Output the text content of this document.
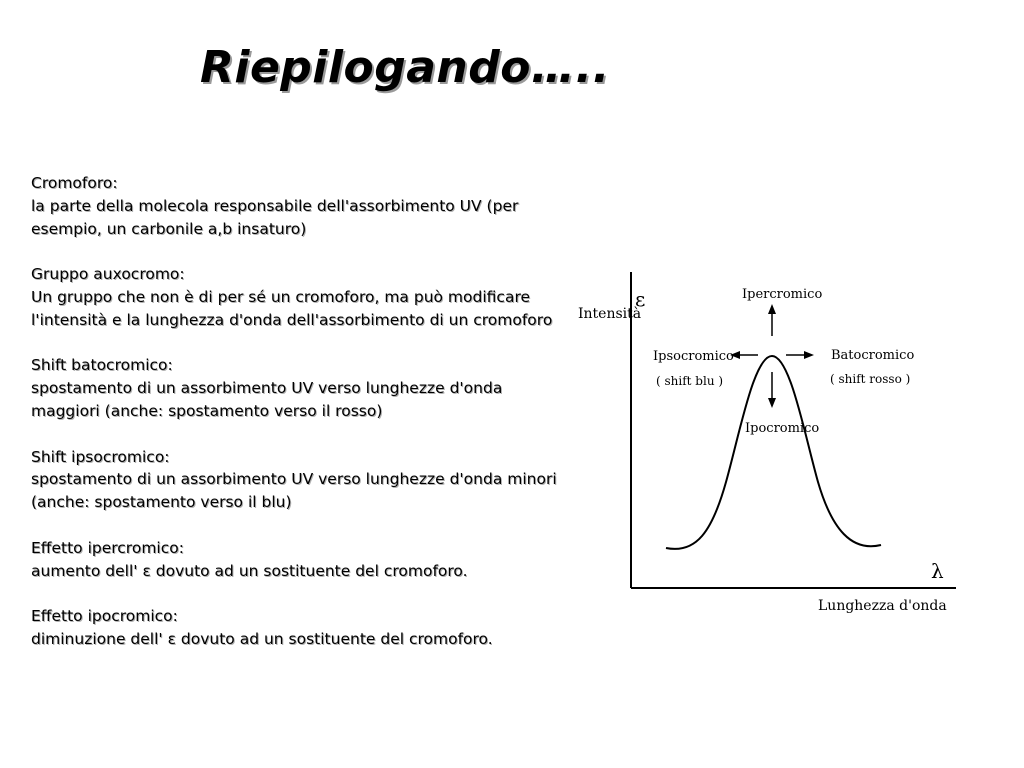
Riepilogando…..
Cromoforo:
la parte della molecola responsabile dell'assorbimento UV (per esempio, un carbonile a,b insaturo)
Gruppo auxocromo:
Un gruppo che non è di per sé un cromoforo, ma può modificare l'intensità e la lunghezza d'onda dell'assorbimento di un cromoforo
Shift batocromico:
spostamento di un assorbimento UV verso lunghezze d'onda maggiori (anche: spostamento verso il rosso)
Shift ipsocromico:
spostamento di un assorbimento UV verso lunghezze d'onda minori (anche: spostamento verso il blu)
Effetto ipercromico:
aumento dell' ε dovuto ad un sostituente del cromoforo.
Effetto ipocromico:
diminuzione dell' ε dovuto ad un sostituente del cromoforo.
Intensità
ε
λ
Lunghezza d'onda
Ipercromico
Ipocromico
Ipsocromico
( shift blu )
Batocromico
( shift rosso )
